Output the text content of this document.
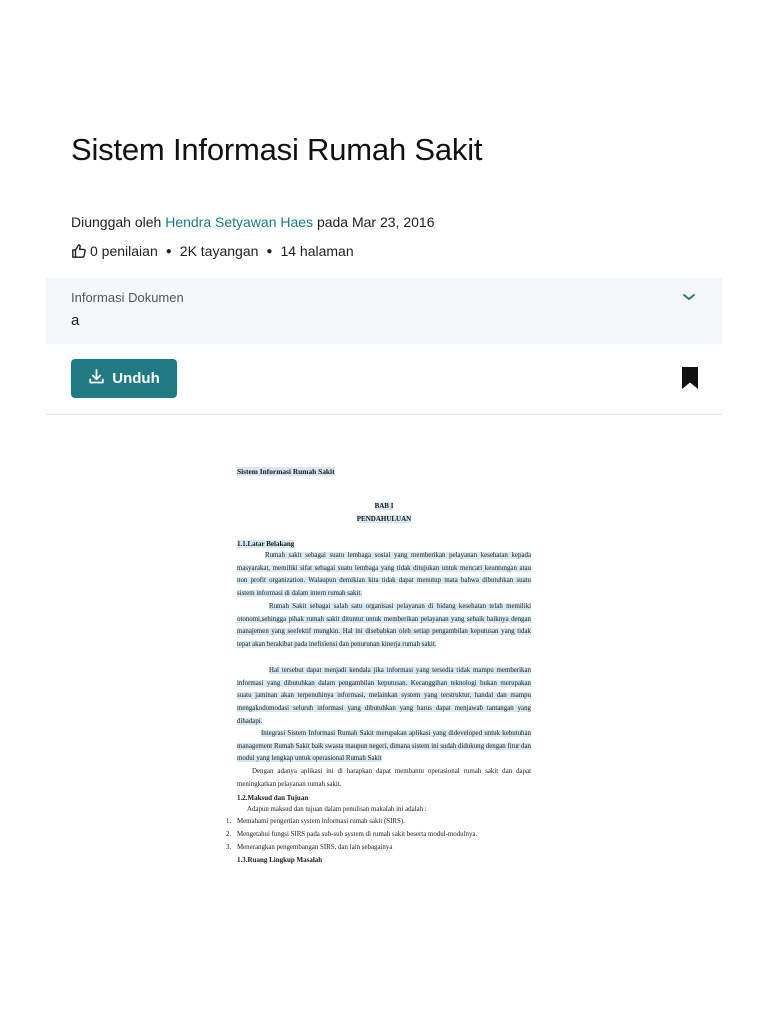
Sistem Informasi Rumah Sakit
Diunggah oleh Hendra Setyawan Haes pada Mar 23, 2016
0 penilaian ● 2K tayangan ● 14 halaman
Informasi Dokumen
a
Unduh
Sistem Informasi Rumah Sakit
BAB I
PENDAHULUAN
1.1.Latar Belakang
Rumah sakit sebagai suatu lembaga sosial yang memberikan pelayanan kesehatan kepada masyarakat, memiliki sifat sebagai suatu lembaga yang tidak ditujukan untuk mencari keuntungan atau non profit organization. Walaupun demikian kita tidak dapat menutup mata bahwa dibutuhkan suatu sistem informasi di dalam intern rumah sakit.
Rumah Sakit sebagai salah satu organisasi pelayanan di bidang kesehatan telah memiliki otonomi,sehingga pihak rumah sakit dituntut untuk memberikan pelayanan yang sebaik baiknya dengan manajemen yang seefektif mungkin. Hal ini disebabkan oleh setiap pengambilan keputusan yang tidak tepat akan berakibat pada inefisiensi dan penurunan kinerja rumah sakit.
Hal tersebut dapat menjadi kendala jika informasi yang tersedia tidak mampu memberikan informasi yang dibutuhkan dalam pengambilan keputusan. Kecanggihan teknologi bukan merupakan suatu jaminan akan terpenuhinya informasi, melainkan system yang terstruktur, handal dan mampu mengakodomodasi seluruh informasi yang dibutuhkan yang harus dapat menjawab tantangan yang dihadapi.
Integrasi Sistem Informasi Rumah Sakit merupakan aplikasi yang dideveloped untuk kebutuhan management Rumah Sakit baik swasta maupun negeri, dimana sistem ini sudah didukung dengan fitur dan modul yang lengkap untuk operasional Rumah Sakit
Dengan adanya aplikasi ini di harapkan dapat membantu operasional rumah sakit dan dapat meningkatkan pelayanan rumah sakit.
1.2.Maksud dan Tujuan
Adapun maksud dan tujuan dalam penulisan makalah ini adalah :
1. Memahami pengertian system informasi rumah sakit (SIRS).
2. Mengetahui fungsi SIRS pada sub-sub system di rumah sakit beserta modul-modulnya.
3. Menerangkan pengembangan SIRS, dan lain sebagainya
1.3.Ruang Lingkup Masalah
